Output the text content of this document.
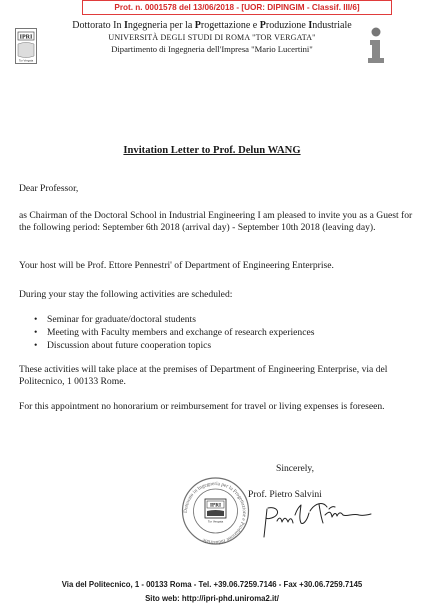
Prot. n. 0001578 del 13/06/2018 - [UOR: DIPINGIM - Classif. III/6]
IPRI
Tor Vergata
Dottorato In Ingegneria per la Progettazione e Produzione Industriale
UNIVERSITÀ DEGLI STUDI DI ROMA "TOR VERGATA"
Dipartimento di Ingegneria dell'Impresa "Mario Lucertini"
Invitation Letter to Prof. Delun WANG
Dear Professor,
as Chairman of the Doctoral School in Industrial Engineering I am pleased to invite you as a Guest for the following period: September 6th 2018 (arrival day) - September 10th 2018 (leaving day).
Your host will be Prof. Ettore Pennestri' of Department of Engineering Enterprise.
During your stay the following activities are scheduled:
•	Seminar for graduate/doctoral students
•	Meeting with Faculty members and exchange of research experiences
•	Discussion about future cooperation topics
These activities will take place at the premises of Department of Engineering Enterprise, via del Politecnico, 1 00133 Rome.
For this appointment no honorarium or reimbursement for travel or living expenses is foreseen.
Sincerely,
Dottorato in Ingegneria per la Progettazione e Produzione Industriale
IPRI
Tor Vergata
Prof. Pietro Salvini
Via del Politecnico, 1 - 00133 Roma - Tel. +39.06.7259.7146 - Fax +30.06.7259.7145
Sito web: http://ipri-phd.uniroma2.it/
